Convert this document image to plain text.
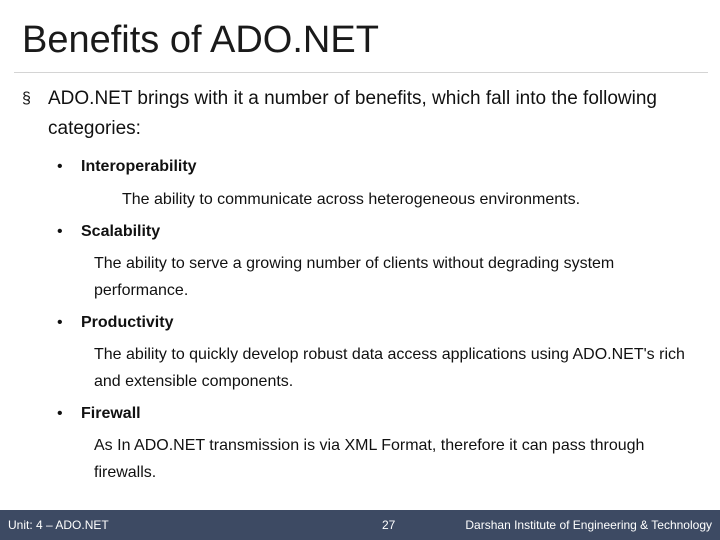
Benefits of ADO.NET
§ ADO.NET brings with it a number of benefits, which fall into the following categories:
• Interoperability
The ability to communicate across heterogeneous environments.
• Scalability
The ability to serve a growing number of clients without degrading system performance.
• Productivity
The ability to quickly develop robust data access applications using ADO.NET's rich and extensible components.
• Firewall
As In ADO.NET transmission is via XML Format, therefore it can pass through firewalls.
Unit: 4 – ADO.NET	27	Darshan Institute of Engineering & Technology
